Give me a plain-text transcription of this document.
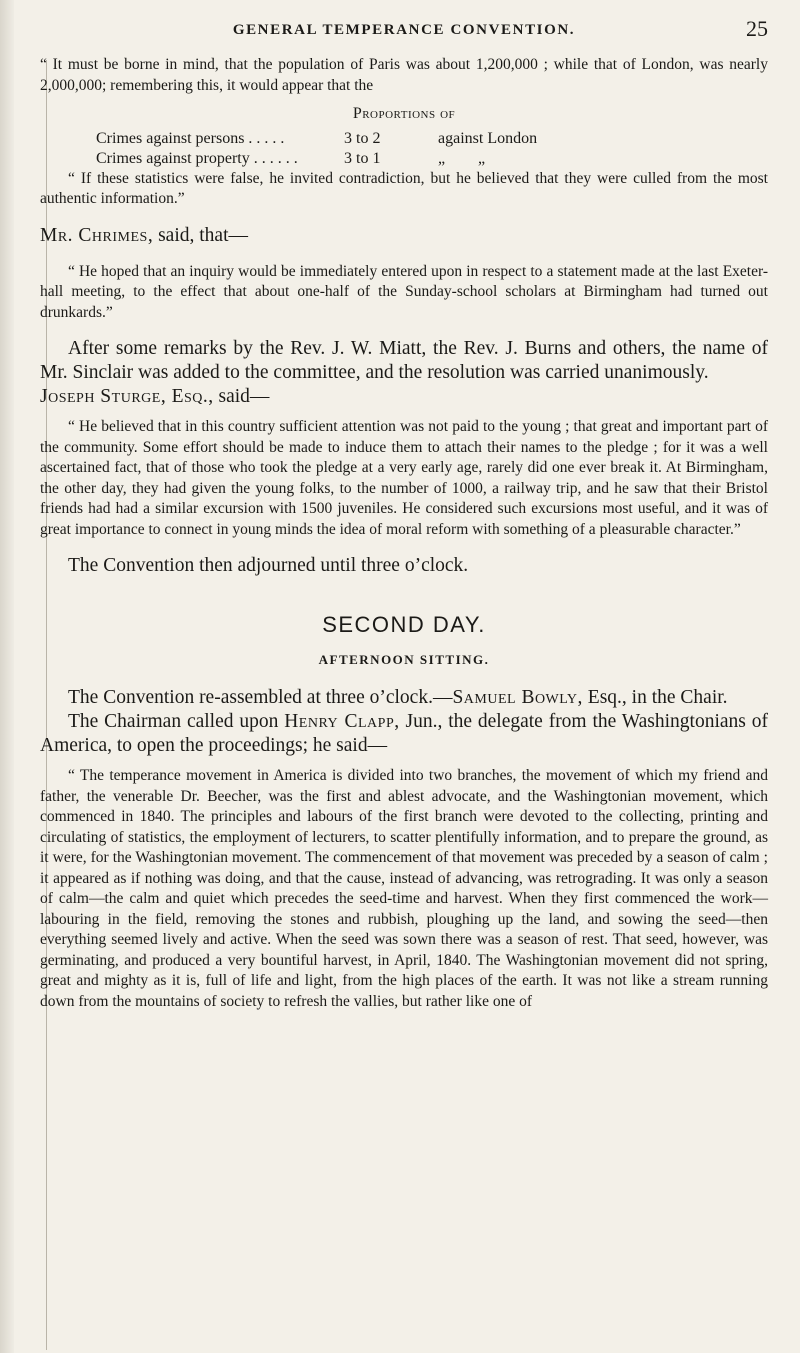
GENERAL TEMPERANCE CONVENTION.	25

“ It must be borne in mind, that the population of Paris was about 1,200,000 ; while that of London, was nearly 2,000,000; remembering this, it would appear that the

Proportions of

Crimes against persons . . . . .	3 to 2	against London
Crimes against property . . . . . .	3 to 1	„	„

“ If these statistics were false, he invited contradiction, but he believed that they were culled from the most authentic information.”

Mr. Chrimes, said, that—

“ He hoped that an inquiry would be immediately entered upon in respect to a statement made at the last Exeter-hall meeting, to the effect that about one-half of the Sunday-school scholars at Birmingham had turned out drunkards.”

After some remarks by the Rev. J. W. Miatt, the Rev. J. Burns and others, the name of Mr. Sinclair was added to the committee, and the resolution was carried unanimously.

Joseph Sturge, Esq., said—

“ He believed that in this country sufficient attention was not paid to the young ; that great and important part of the community. Some effort should be made to induce them to attach their names to the pledge ; for it was a well ascertained fact, that of those who took the pledge at a very early age, rarely did one ever break it. At Birmingham, the other day, they had given the young folks, to the number of 1000, a railway trip, and he saw that their Bristol friends had had a similar excursion with 1500 juveniles. He considered such excursions most useful, and it was of great importance to connect in young minds the idea of moral reform with something of a pleasurable character.”

The Convention then adjourned until three o’clock.

SECOND DAY.
AFTERNOON SITTING.

The Convention re-assembled at three o’clock.—Samuel Bowly, Esq., in the Chair.

The Chairman called upon Henry Clapp, Jun., the delegate from the Washingtonians of America, to open the proceedings; he said—

“ The temperance movement in America is divided into two branches, the movement of which my friend and father, the venerable Dr. Beecher, was the first and ablest advocate, and the Washingtonian movement, which commenced in 1840. The principles and labours of the first branch were devoted to the collecting, printing and circulating of statistics, the employment of lecturers, to scatter plentifully information, and to prepare the ground, as it were, for the Washingtonian movement. The commencement of that movement was preceded by a season of calm ; it appeared as if nothing was doing, and that the cause, instead of advancing, was retrograding. It was only a season of calm—the calm and quiet which precedes the seed-time and harvest. When they first commenced the work—labouring in the field, removing the stones and rubbish, ploughing up the land, and sowing the seed—then everything seemed lively and active. When the seed was sown there was a season of rest. That seed, however, was germinating, and produced a very bountiful harvest, in April, 1840. The Washingtonian movement did not spring, great and mighty as it is, full of life and light, from the high places of the earth. It was not like a stream running down from the mountains of society to refresh the vallies, but rather like one of
